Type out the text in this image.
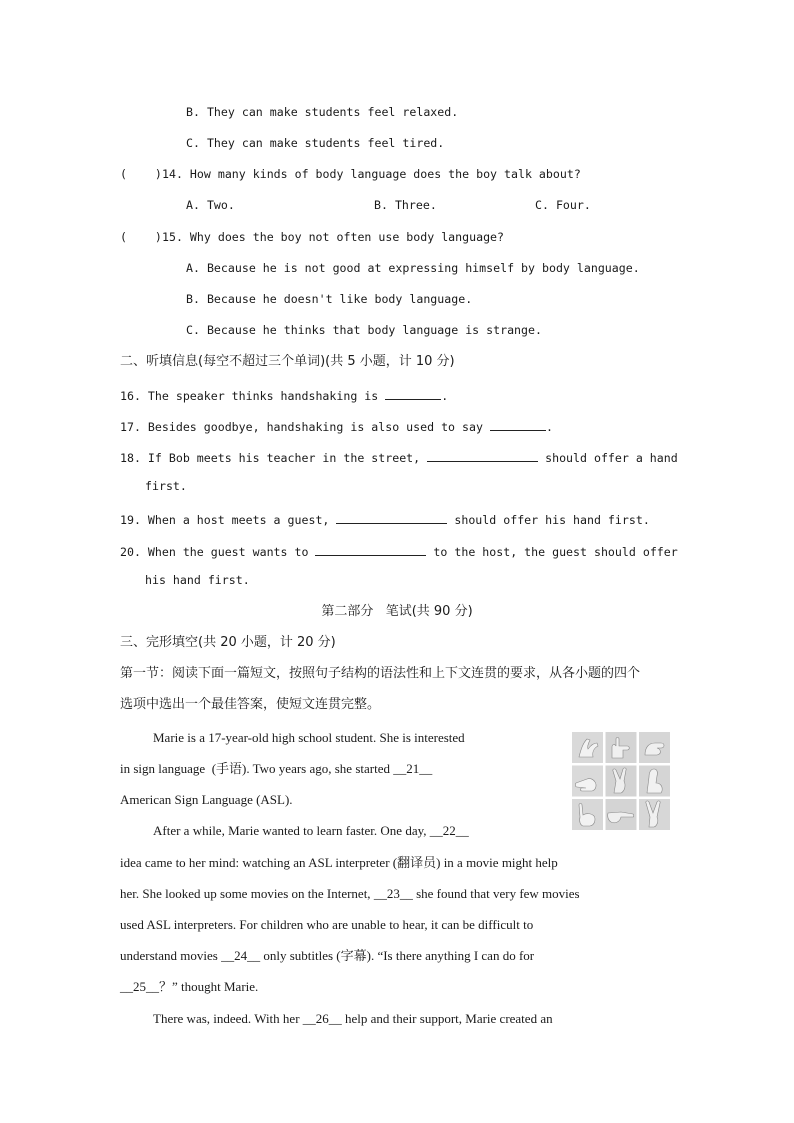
B. They can make students feel relaxed.
C. They can make students feel tired.
(    ) 14. How many kinds of body language does the boy talk about?
A. Two.	B. Three.	C. Four.
(    ) 15. Why does the boy not often use body language?
A. Because he is not good at expressing himself by body language.
B. Because he doesn't like body language.
C. Because he thinks that body language is strange.
二、听填信息(每空不超过三个单词)(共 5 小题，计 10 分)
16. The speaker thinks handshaking is	.
17. Besides goodbye, handshaking is also used to say	.
18. If Bob meets his teacher in the street,	should offer a hand
first.
19. When a host meets a guest,	should offer his hand first.
20. When the guest wants to	to the host, the guest should offer
his hand first.
第二部分   笔试(共 90 分)
三、完形填空(共 20 小题，计 20 分)
第一节：阅读下面一篇短文，按照句子结构的语法性和上下文连贯的要求，从各小题的四个
选项中选出一个最佳答案，使短文连贯完整。
Marie is a 17-year-old high school student. She is interested
in sign language  (手语). Two years ago, she started __21__
American Sign Language (ASL).
After a while, Marie wanted to learn faster. One day, __22__
idea came to her mind: watching an ASL interpreter (翻译员) in a movie might help
her. She looked up some movies on the Internet, __23__ she found that very few movies
used ASL interpreters. For children who are unable to hear, it can be difficult to
understand movies __24__ only subtitles (字幕). “Is there anything I can do for
__25__？” thought Marie.
There was, indeed. With her __26__ help and their support, Marie created an
